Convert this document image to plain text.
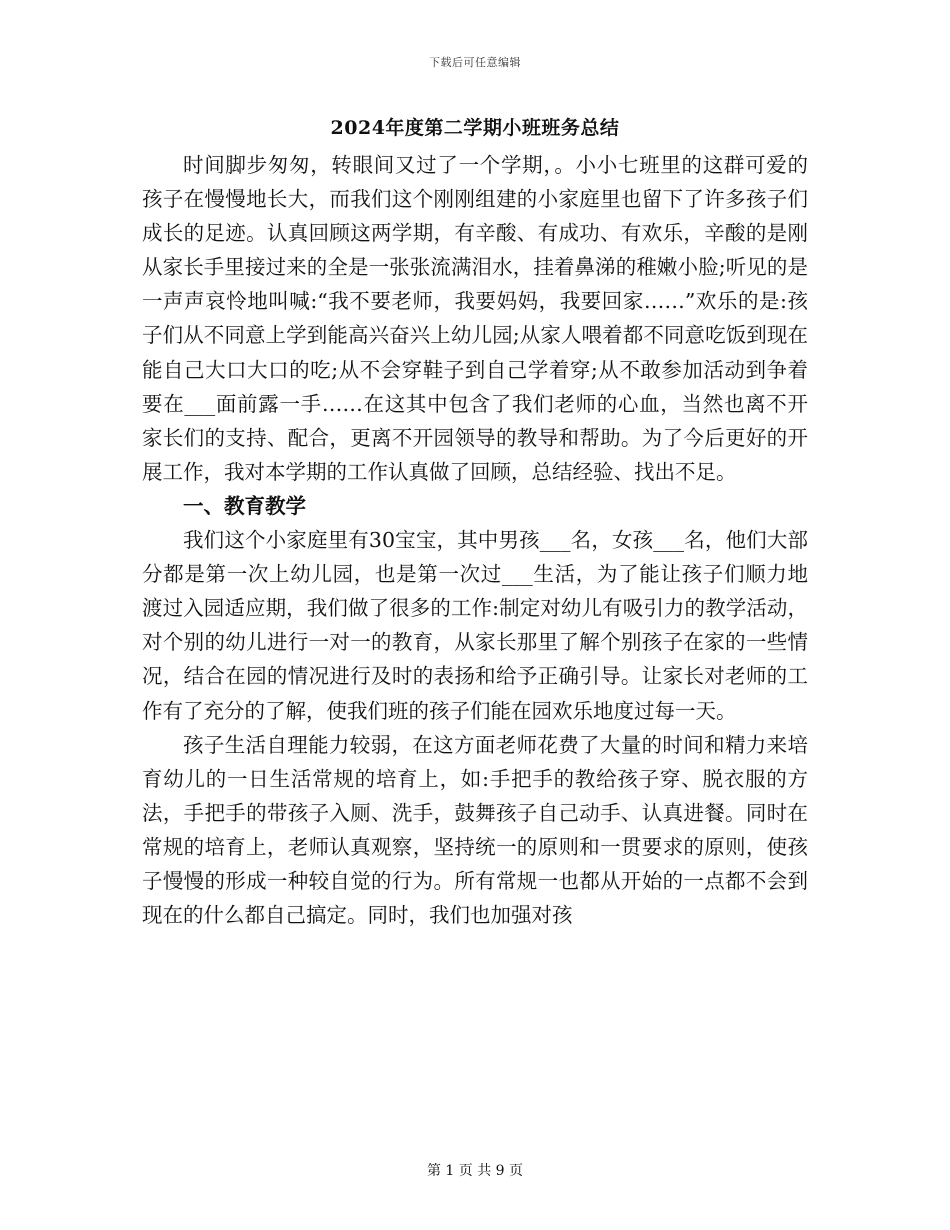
下载后可任意编辑
2024年度第二学期小班班务总结

时间脚步匆匆，转眼间又过了一个学期，。小小七班里的这群可爱的孩子在慢慢地长大，而我们这个刚刚组建的小家庭里也留下了许多孩子们成长的足迹。认真回顾这两学期，有辛酸、有成功、有欢乐，辛酸的是刚从家长手里接过来的全是一张张流满泪水，挂着鼻涕的稚嫩小脸;听见的是一声声哀怜地叫喊:“我不要老师，我要妈妈，我要回家……”欢乐的是:孩子们从不同意上学到能高兴奋兴上幼儿园;从家人喂着都不同意吃饭到现在能自己大口大口的吃;从不会穿鞋子到自己学着穿;从不敢参加活动到争着要在___面前露一手……在这其中包含了我们老师的心血，当然也离不开家长们的支持、配合，更离不开园领导的教导和帮助。为了今后更好的开展工作，我对本学期的工作认真做了回顾，总结经验、找出不足。

一、教育教学

我们这个小家庭里有30宝宝，其中男孩___名，女孩___名，他们大部分都是第一次上幼儿园，也是第一次过___生活，为了能让孩子们顺力地渡过入园适应期，我们做了很多的工作:制定对幼儿有吸引力的教学活动，对个别的幼儿进行一对一的教育，从家长那里了解个别孩子在家的一些情况，结合在园的情况进行及时的表扬和给予正确引导。让家长对老师的工作有了充分的了解，使我们班的孩子们能在园欢乐地度过每一天。

孩子生活自理能力较弱，在这方面老师花费了大量的时间和精力来培育幼儿的一日生活常规的培育上，如:手把手的教给孩子穿、脱衣服的方法，手把手的带孩子入厕、洗手，鼓舞孩子自己动手、认真进餐。同时在常规的培育上，老师认真观察，坚持统一的原则和一贯要求的原则，使孩子慢慢的形成一种较自觉的行为。所有常规一也都从开始的一点都不会到现在的什么都自己搞定。同时，我们也加强对孩

第 1 页 共 9 页
